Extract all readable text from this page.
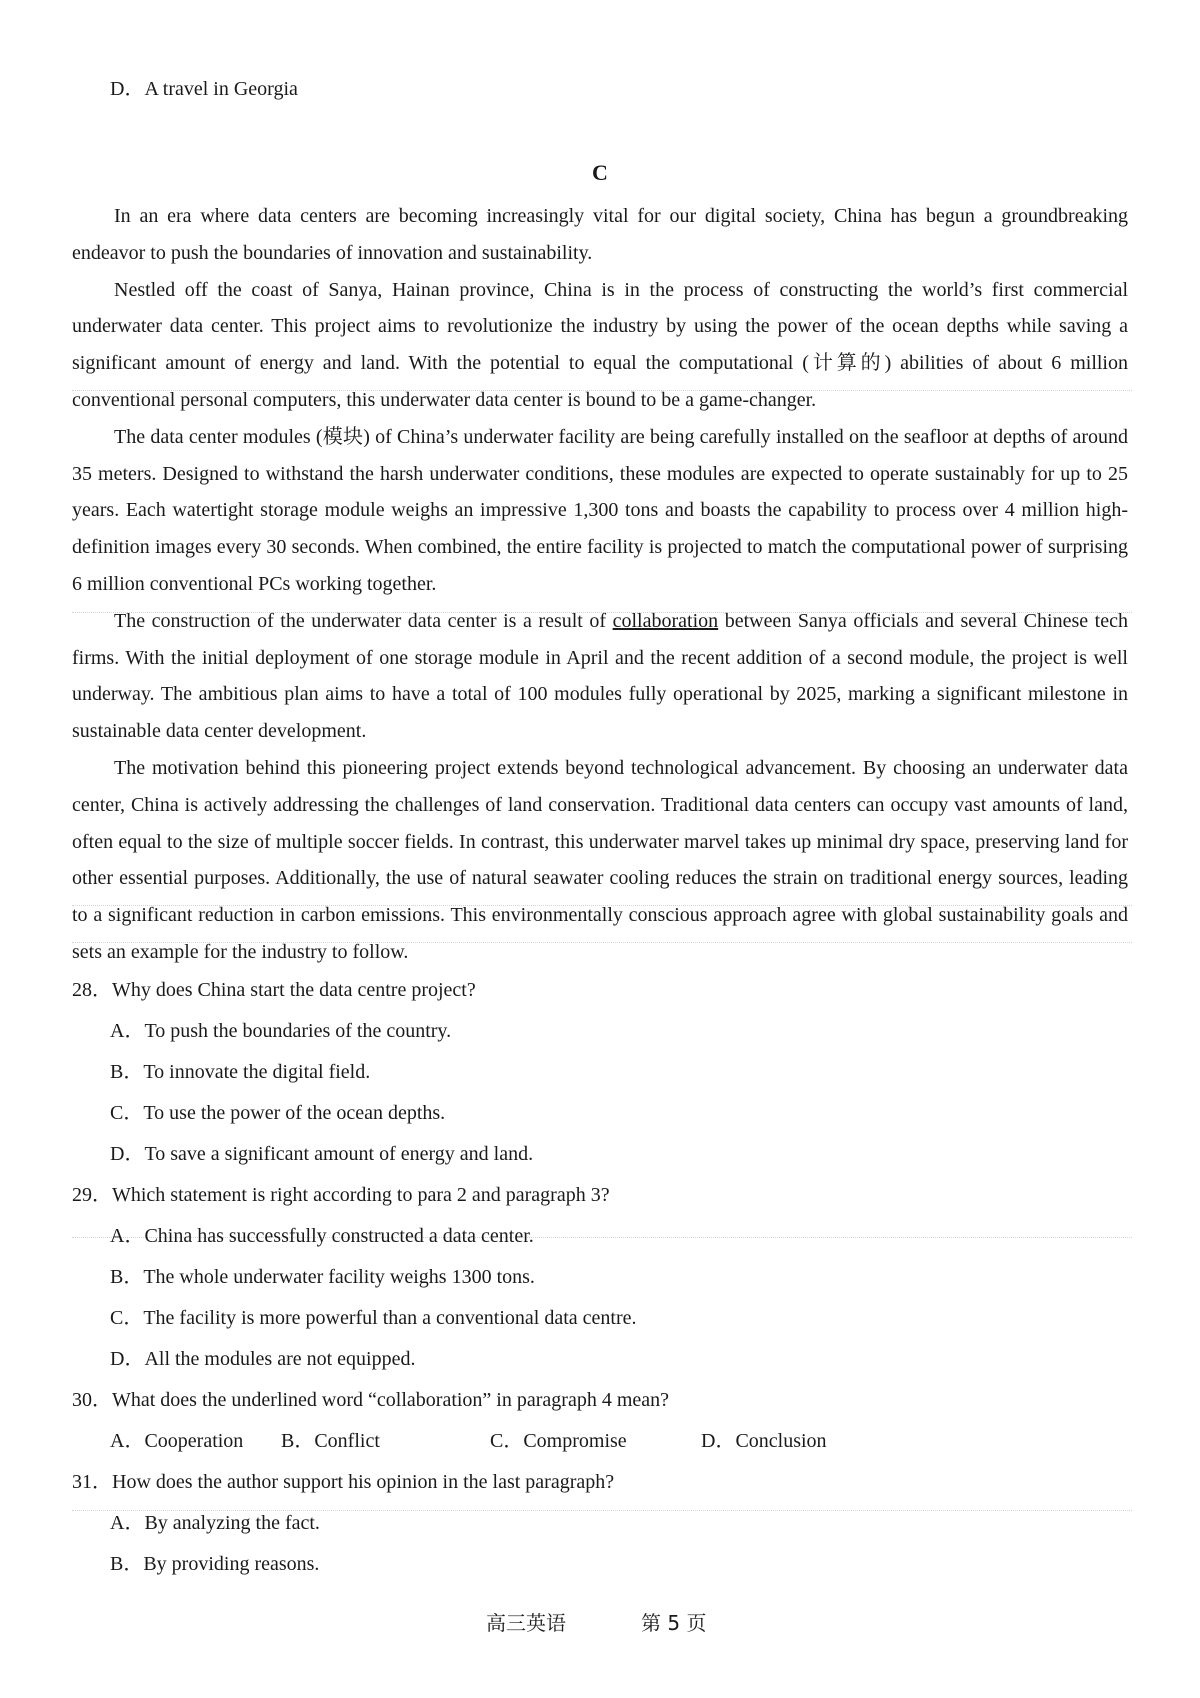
D．A travel in Georgia
C

In an era where data centers are becoming increasingly vital for our digital society, China has begun a groundbreaking endeavor to push the boundaries of innovation and sustainability.

Nestled off the coast of Sanya, Hainan province, China is in the process of constructing the world’s first commercial underwater data center. This project aims to revolutionize the industry by using the power of the ocean depths while saving a significant amount of energy and land. With the potential to equal the computational (计算的) abilities of about 6 million conventional personal computers, this underwater data center is bound to be a game-changer.

The data center modules (模块) of China’s underwater facility are being carefully installed on the seafloor at depths of around 35 meters. Designed to withstand the harsh underwater conditions, these modules are expected to operate sustainably for up to 25 years. Each watertight storage module weighs an impressive 1,300 tons and boasts the capability to process over 4 million high-definition images every 30 seconds. When combined, the entire facility is projected to match the computational power of surprising 6 million conventional PCs working together.

The construction of the underwater data center is a result of collaboration between Sanya officials and several Chinese tech firms. With the initial deployment of one storage module in April and the recent addition of a second module, the project is well underway. The ambitious plan aims to have a total of 100 modules fully operational by 2025, marking a significant milestone in sustainable data center development.

The motivation behind this pioneering project extends beyond technological advancement. By choosing an underwater data center, China is actively addressing the challenges of land conservation. Traditional data centers can occupy vast amounts of land, often equal to the size of multiple soccer fields. In contrast, this underwater marvel takes up minimal dry space, preserving land for other essential purposes. Additionally, the use of natural seawater cooling reduces the strain on traditional energy sources, leading to a significant reduction in carbon emissions. This environmentally conscious approach agree with global sustainability goals and sets an example for the industry to follow.

28．Why does China start the data centre project?
A．To push the boundaries of the country.
B．To innovate the digital field.
C．To use the power of the ocean depths.
D．To save a significant amount of energy and land.
29．Which statement is right according to para 2 and paragraph 3?
A．China has successfully constructed a data center.
B．The whole underwater facility weighs 1300 tons.
C．The facility is more powerful than a conventional data centre.
D．All the modules are not equipped.
30．What does the underlined word “collaboration” in paragraph 4 mean?
A．Cooperation B．Conflict	C．Compromise	D．Conclusion
31．How does the author support his opinion in the last paragraph?
A．By analyzing the fact.
B．By providing reasons.
高三英语	第 5 页
